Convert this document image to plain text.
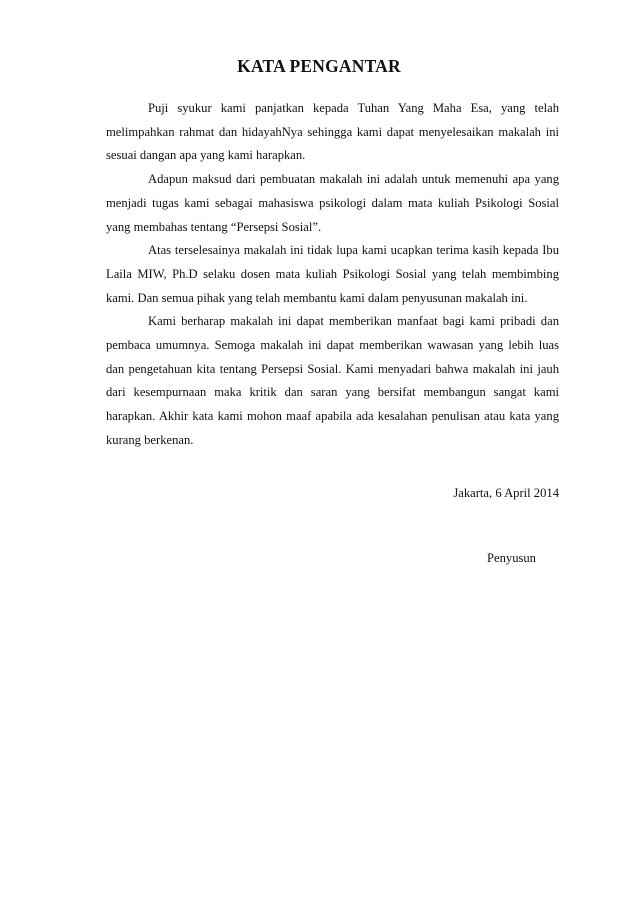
KATA PENGANTAR

Puji syukur kami panjatkan kepada Tuhan Yang Maha Esa, yang telah melimpahkan rahmat dan hidayahNya sehingga kami dapat menyelesaikan makalah ini sesuai dangan apa yang kami harapkan.

Adapun maksud dari pembuatan makalah ini adalah untuk memenuhi apa yang menjadi tugas kami sebagai mahasiswa psikologi dalam mata kuliah Psikologi Sosial yang membahas tentang “Persepsi Sosial”.

Atas terselesainya makalah ini tidak lupa kami ucapkan terima kasih kepada Ibu Laila MIW, Ph.D selaku dosen mata kuliah Psikologi Sosial yang telah membimbing kami. Dan semua pihak yang telah membantu kami dalam penyusunan makalah ini.

Kami berharap makalah ini dapat memberikan manfaat bagi kami pribadi dan pembaca umumnya. Semoga makalah ini dapat memberikan wawasan yang lebih luas dan pengetahuan kita tentang Persepsi Sosial. Kami menyadari bahwa makalah ini jauh dari kesempurnaan maka kritik dan saran yang bersifat membangun sangat kami harapkan. Akhir kata kami mohon maaf apabila ada kesalahan penulisan atau kata yang kurang berkenan.

Jakarta, 6 April 2014
Penyusun
